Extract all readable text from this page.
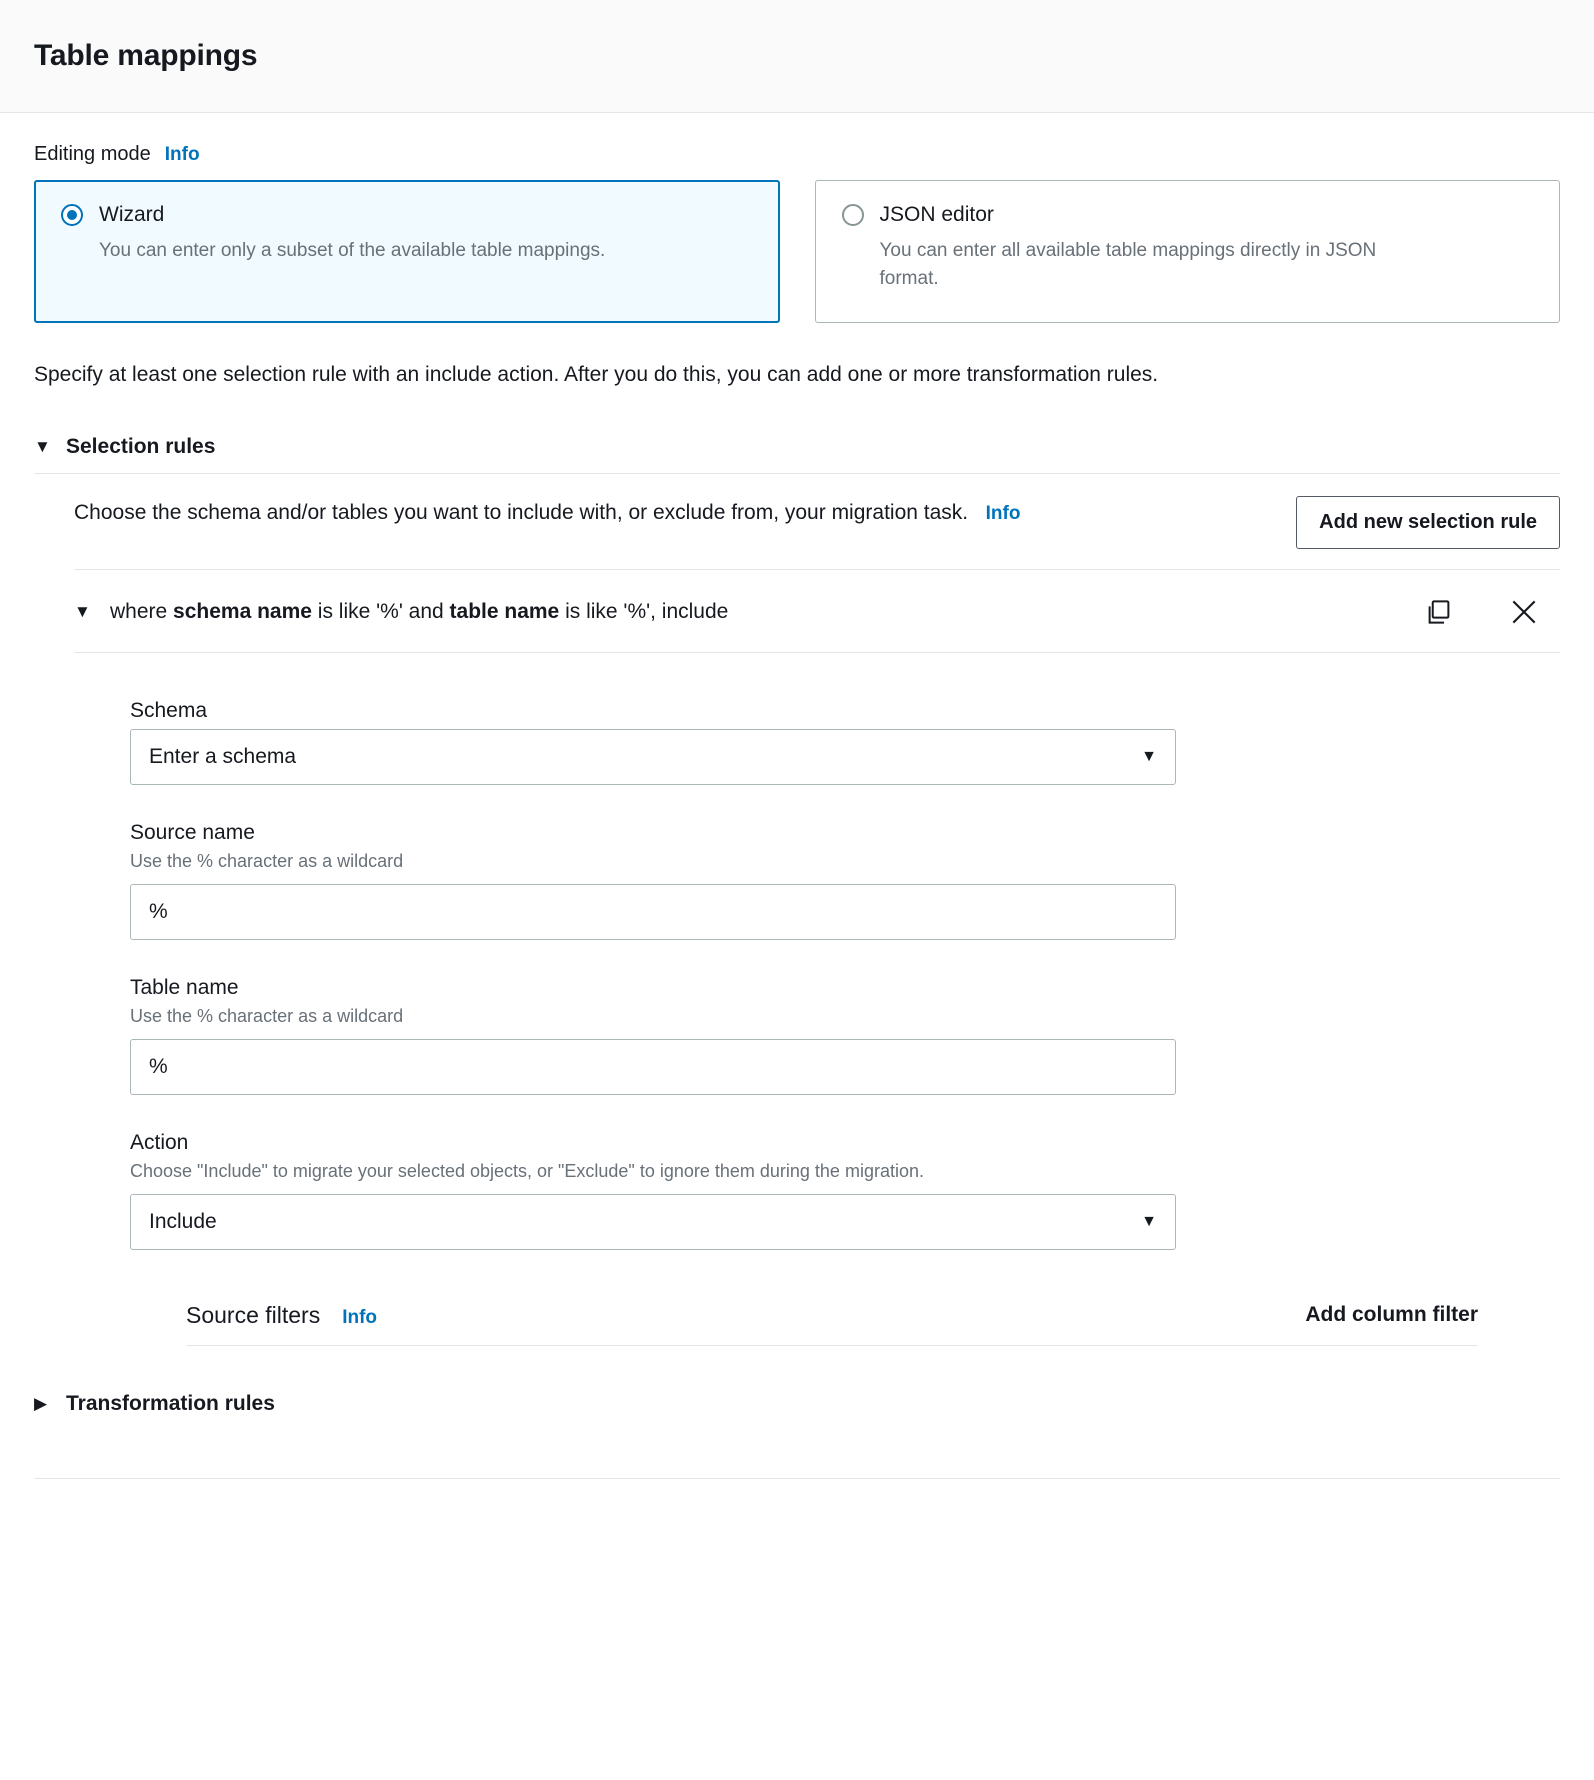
Table mappings
Editing mode Info
Wizard
You can enter only a subset of the available table mappings.
JSON editor
You can enter all available table mappings directly in JSON format.

Specify at least one selection rule with an include action. After you do this, you can add one or more transformation rules.

▼ Selection rules
Choose the schema and/or tables you want to include with, or exclude from, your migration task. Info	Add new selection rule
▼ where schema name is like '%' and table name is like '%', include
Schema
Enter a schema	▼
Source name
Use the % character as a wildcard
%
Table name
Use the % character as a wildcard
%
Action
Choose "Include" to migrate your selected objects, or "Exclude" to ignore them during the migration.
Include	▼
Source filters Info	Add column filter
▶ Transformation rules
